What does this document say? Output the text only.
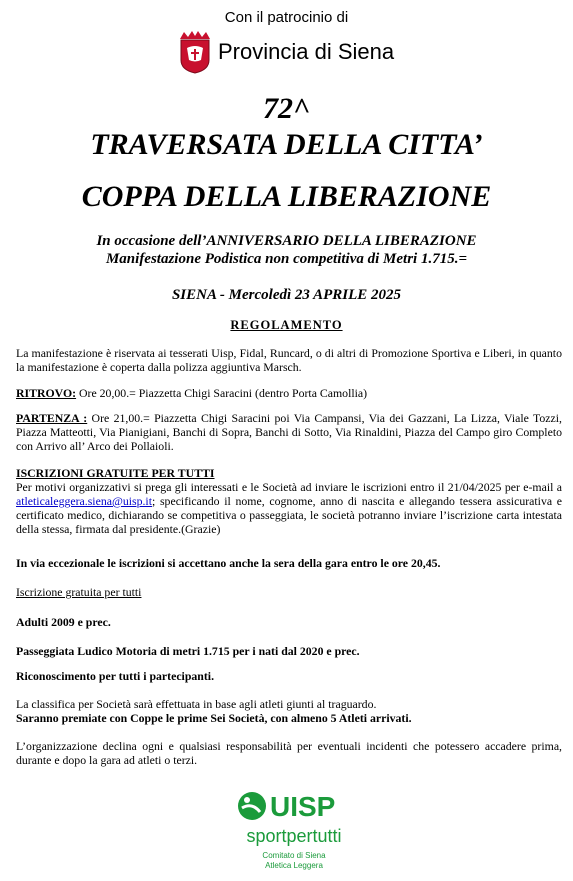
Con il patrocinio di
Provincia di Siena
72^
TRAVERSATA DELLA CITTA’
COPPA DELLA LIBERAZIONE
In occasione dell’ANNIVERSARIO DELLA LIBERAZIONE
Manifestazione Podistica non competitiva di Metri 1.715.=
SIENA - Mercoledì 23 APRILE 2025
REGOLAMENTO
La manifestazione è riservata ai tesserati Uisp, Fidal, Runcard, o di altri di Promozione Sportiva e Liberi, in quanto la manifestazione è coperta dalla polizza aggiuntiva Marsch.
RITROVO: Ore 20,00.= Piazzetta Chigi Saracini (dentro Porta Camollia)
PARTENZA : Ore 21,00.= Piazzetta Chigi Saracini poi Via Campansi, Via dei Gazzani, La Lizza, Viale Tozzi, Piazza Matteotti, Via Pianigiani, Banchi di Sopra, Banchi di Sotto, Via Rinaldini, Piazza del Campo giro Completo con Arrivo all’ Arco dei Pollaioli.
ISCRIZIONI GRATUITE PER TUTTI
Per motivi organizzativi si prega gli interessati e le Società ad inviare le iscrizioni entro il 21/04/2025 per e-mail a atleticaleggera.siena@uisp.it; specificando il nome, cognome, anno di nascita e allegando tessera assicurativa e certificato medico, dichiarando se competitiva o passeggiata, le società potranno inviare l’iscrizione carta intestata della stessa, firmata dal presidente.(Grazie)
In via eccezionale le iscrizioni si accettano anche la sera della gara entro le ore 20,45.
Iscrizione gratuita per tutti
Adulti 2009 e prec.
Passeggiata Ludico Motoria di metri 1.715 per i nati dal 2020 e prec.
Riconoscimento per tutti i partecipanti.
La classifica per Società sarà effettuata in base agli atleti giunti al traguardo.
Saranno premiate con Coppe le prime Sei Società, con almeno 5 Atleti arrivati.
L’organizzazione declina ogni e qualsiasi responsabilità per eventuali incidenti che potessero accadere prima, durante e dopo la gara ad atleti o terzi.
UISP
sportpertutti
Comitato di Siena
Atletica Leggera
